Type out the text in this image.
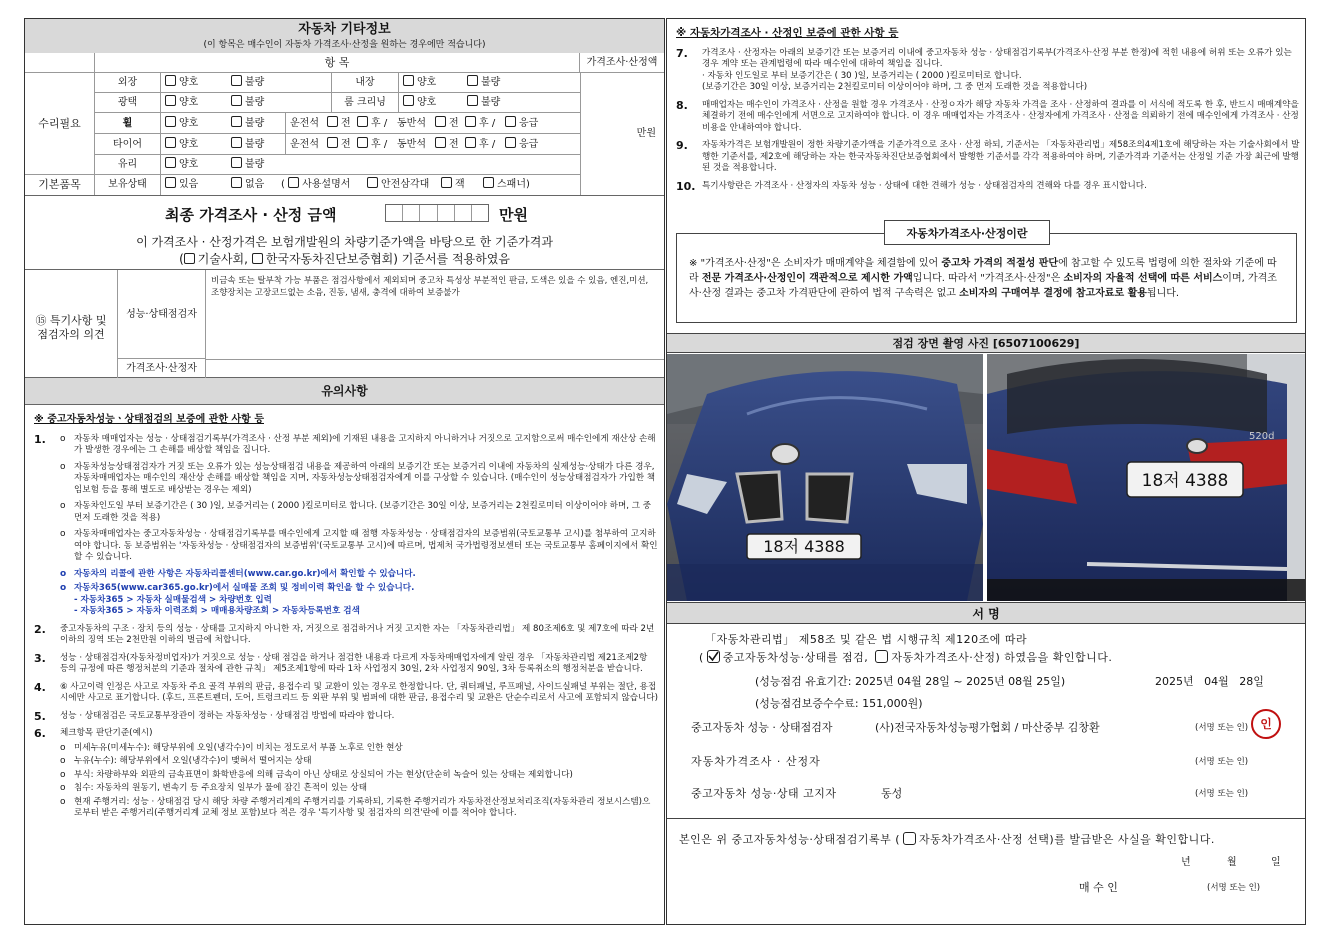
자동차 기타정보
(이 항목은 매수인이 자동차 가격조사·산정을 원하는 경우에만 적습니다)
항 목	가격조사·산정액
수리필요
기본품목
만원
외장	양호	불량	내장	양호	불량
광택	양호	불량	룸 크리닝	양호	불량
휠	양호	불량	운전석	전	후 / 동반석	전	후 /	응급
타이어	양호	불량	운전석	전	후 / 동반석	전	후 /	응급
유리	양호	불량
보유상태	있음	없음 ( 사용설명서	안전삼각대	잭	스패너)
최종 가격조사 · 산정 금액	만원
이 가격조사 · 산정가격은 보험개발원의 차량기준가액을 바탕으로 한 기준가격과
( 기술사회, 한국자동차진단보증협회) 기준서를 적용하였음
⑮ 특기사항 및 점검자의 의견
성능·상태점검자
비금속 또는 탈부착 가능 부품은 점검사항에서 제외되며 중고차 특성상 부분적인 판금, 도색은 있을 수 있음, 엔진,미션, 조향장치는 고장코드없는 소음, 진동, 냄새, 충격에 대하여 보증불가
가격조사·산정자
유의사항
※ 중고자동차성능ㆍ상태점검의 보증에 관한 사항 등
1.	o 자동차 매매업자는 성능 · 상태점검기록부(가격조사 · 산정 부분 제외)에 기재된 내용을 고지하지 아니하거나 거짓으로 고지함으로써 매수인에게 재산상 손해가 발생한 경우에는 그 손해를 배상할 책임을 집니다.
o 자동차성능상태점검자가 거짓 또는 오류가 있는 성능상태점검 내용을 제공하여 아래의 보증기간 또는 보증거리 이내에 자동차의 실제성능·상태가 다른 경우, 자동차매매업자는 매수인의 재산상 손해를 배상할 책임을 지며, 자동차성능상태점검자에게 이를 구상할 수 있습니다. (매수인이 성능상태점검자가 가입한 책임보험 등을 통해 별도로 배상받는 경우는 제외)
o 자동차인도일 부터 보증기간은 ( 30 )일, 보증거리는 ( 2000 )킬로미터로 합니다. (보증기간은 30일 이상, 보증거리는 2천킬로미터 이상이어야 하며, 그 중 먼저 도래한 것을 적용)
o 자동차매매업자는 중고자동차성능 · 상태점검기록부를 매수인에게 고지할 때 점행 자동차성능 · 상태점검자의 보증범위(국토교통부 고시)를 첨부하여 고지하여야 합니다. 동 보증범위는 '자동차성능 · 상태점검자의 보증범위'(국토교통부 고시)에 따르며, 법제처 국가법령정보센터 또는 국토교통부 홈페이지에서 확인할 수 있습니다.
o 자동차의 리콜에 관한 사항은 자동차리콜센터(www.car.go.kr)에서 확인할 수 있습니다.
o 자동차365(www.car365.go.kr)에서 실매물 조회 및 정비이력 확인을 할 수 있습니다.
- 자동차365 > 자동차 실매물검색 > 차량번호 입력
- 자동차365 > 자동차 이력조회 > 매매용차량조회 > 자동차등록번호 검색
2.	중고자동차의 구조 · 장치 등의 성능 · 상태를 고지하지 아니한 자, 거짓으로 점검하거나 거짓 고지한 자는 「자동차관리법」 제 80조제6호 및 제7호에 따라 2년 이하의 징역 또는 2천만원 이하의 벌금에 처합니다.
3.	성능 · 상태점검자(자동차정비업자)가 거짓으로 성능 · 상태 점검을 하거나 점검한 내용과 다르게 자동차매매업자에게 알린 경우 「자동차관리법 제21조제2항 등의 규정에 따른 행정처분의 기준과 절차에 관한 규칙」 제5조제1항에 따라 1차 사업정지 30일, 2차 사업정지 90일, 3차 등록취소의 행정처분을 받습니다.
4.	⑥ 사고이력 인정은 사고로 자동차 주요 골격 부위의 판금, 용접수리 및 교환이 있는 경우로 한정합니다. 단, 쿼터패널, 루프패널, 사이드실패널 부위는 절단, 용접 시에만 사고로 표기합니다. (후드, 프론트펜더, 도어, 트렁크리드 등 외판 부위 및 범퍼에 대한 판금, 용접수리 및 교환은 단순수리로서 사고에 포함되지 않습니다)
5.	성능 · 상태점검은 국토교통부장관이 정하는 자동차성능 · 상태점검 방법에 따라야 합니다.
6.	체크항목 판단기준(예시)
o 미세누유(미세누수): 해당부위에 오일(냉각수)이 비치는 정도로서 부품 노후로 인한 현상
o 누유(누수): 해당부위에서 오일(냉각수)이 맺혀서 떨어지는 상태
o 부식: 차량하부와 외판의 금속표면이 화학반응에 의해 금속이 아닌 상태로 상실되어 가는 현상(단순히 녹슬어 있는 상태는 제외합니다)
o 침수: 자동차의 원동기, 변속기 등 주요장치 일부가 물에 잠긴 흔적이 있는 상태
o 현재 주행거리: 성능 · 상태점검 당시 해당 차량 주행거리계의 주행거리를 기록하되, 기록한 주행거리가 자동차전산정보처리조직(자동차관리 정보시스템)으로부터 받은 주행거리(주행거리계 교체 정보 포함)보다 적은 경우 '특기사항 및 점검자의 의견'란에 이를 적어야 합니다.
※ 자동차가격조사 · 산정인 보증에 관한 사항 등
7.	가격조사 · 산정자는 아래의 보증기간 또는 보증거리 이내에 중고자동차 성능 · 상태점검기록부(가격조사·산정 부분 한정)에 적힌 내용에 허위 또는 오류가 있는 경우 계약 또는 관계법령에 따라 매수인에 대하여 책임을 집니다.
· 자동차 인도일로 부터 보증기간은 ( 30 )일, 보증거리는 ( 2000 )킬로미터로 합니다.
(보증기간은 30일 이상, 보증거리는 2천킬로미터 이상이어야 하며, 그 중 먼저 도래한 것을 적용합니다)
8.	매매업자는 매수인이 가격조사 · 산정을 원할 경우 가격조사 · 산정ㅇ자가 해당 자동차 가격을 조사 · 산정하여 결과를 이 서식에 적도록 한 후, 반드시 매매계약을 체결하기 전에 매수인에게 서면으로 고지하여야 합니다. 이 경우 매매업자는 가격조사 · 산정자에게 가격조사 · 산정을 의뢰하기 전에 매수인에게 가격조사 · 산정 비용을 안내하여야 합니다.
9.	자동차가격은 보험개발원이 정한 차량기준가액을 기준가격으로 조사 · 산정 하되, 기준서는 「자동차관리법」제58조의4제1호에 해당하는 자는 기술사회에서 발행한 기준서를, 제2호에 해당하는 자는 한국자동차진단보증협회에서 발행한 기준서를 각각 적용하여야 하며, 기준가격과 기준서는 산정일 기준 가장 최근에 발행된 것을 적용합니다.
10. 특기사항란은 가격조사 · 산정자의 자동차 성능 · 상태에 대한 견해가 성능 · 상태점검자의 견해와 다를 경우 표시합니다.
※ "가격조사·산정"은 소비자가 매매계약을 체결함에 있어 중고차 가격의 적절성 판단에 참고할 수 있도록 법령에 의한 절차와 기준에 따라 전문 가격조사·산정인이 객관적으로 제시한 가액입니다. 따라서 "가격조사·산정"은 소비자의 자율적 선택에 따른 서비스이며, 가격조사·산정 결과는 중고차 가격판단에 관하여 법적 구속력은 없고 소비자의 구매여부 결정에 참고자료로 활용됩니다.
자동차가격조사·산정이란
점검 장면 촬영 사진 [6507100629]
18저 4388
520d
18저 4388
서 명
「자동차관리법」 제58조 및 같은 법 시행규칙 제120조에 따라
( 중고자동차성능·상태를 점검, 자동차가격조사·산정) 하였음을 확인합니다.
(성능점검 유효기간: 2025년 04월 28일 ~ 2025년 08월 25일)	2025년   04월   28일
(성능점검보증수수료: 151,000원)
중고자동차 성능 · 상태점검자	(사)전국자동차성능평가협회 / 마산중부 김창환	(서명 또는 인)	인
자동차가격조사 · 산정자	(서명 또는 인)
중고자동차 성능·상태 고지자	동성	(서명 또는 인)
본인은 위 중고자동차성능·상태점검기록부 ( 자동차가격조사·산정 선택)를 발급받은 사실을 확인합니다.
년	월	일
매 수 인	(서명 또는 인)
